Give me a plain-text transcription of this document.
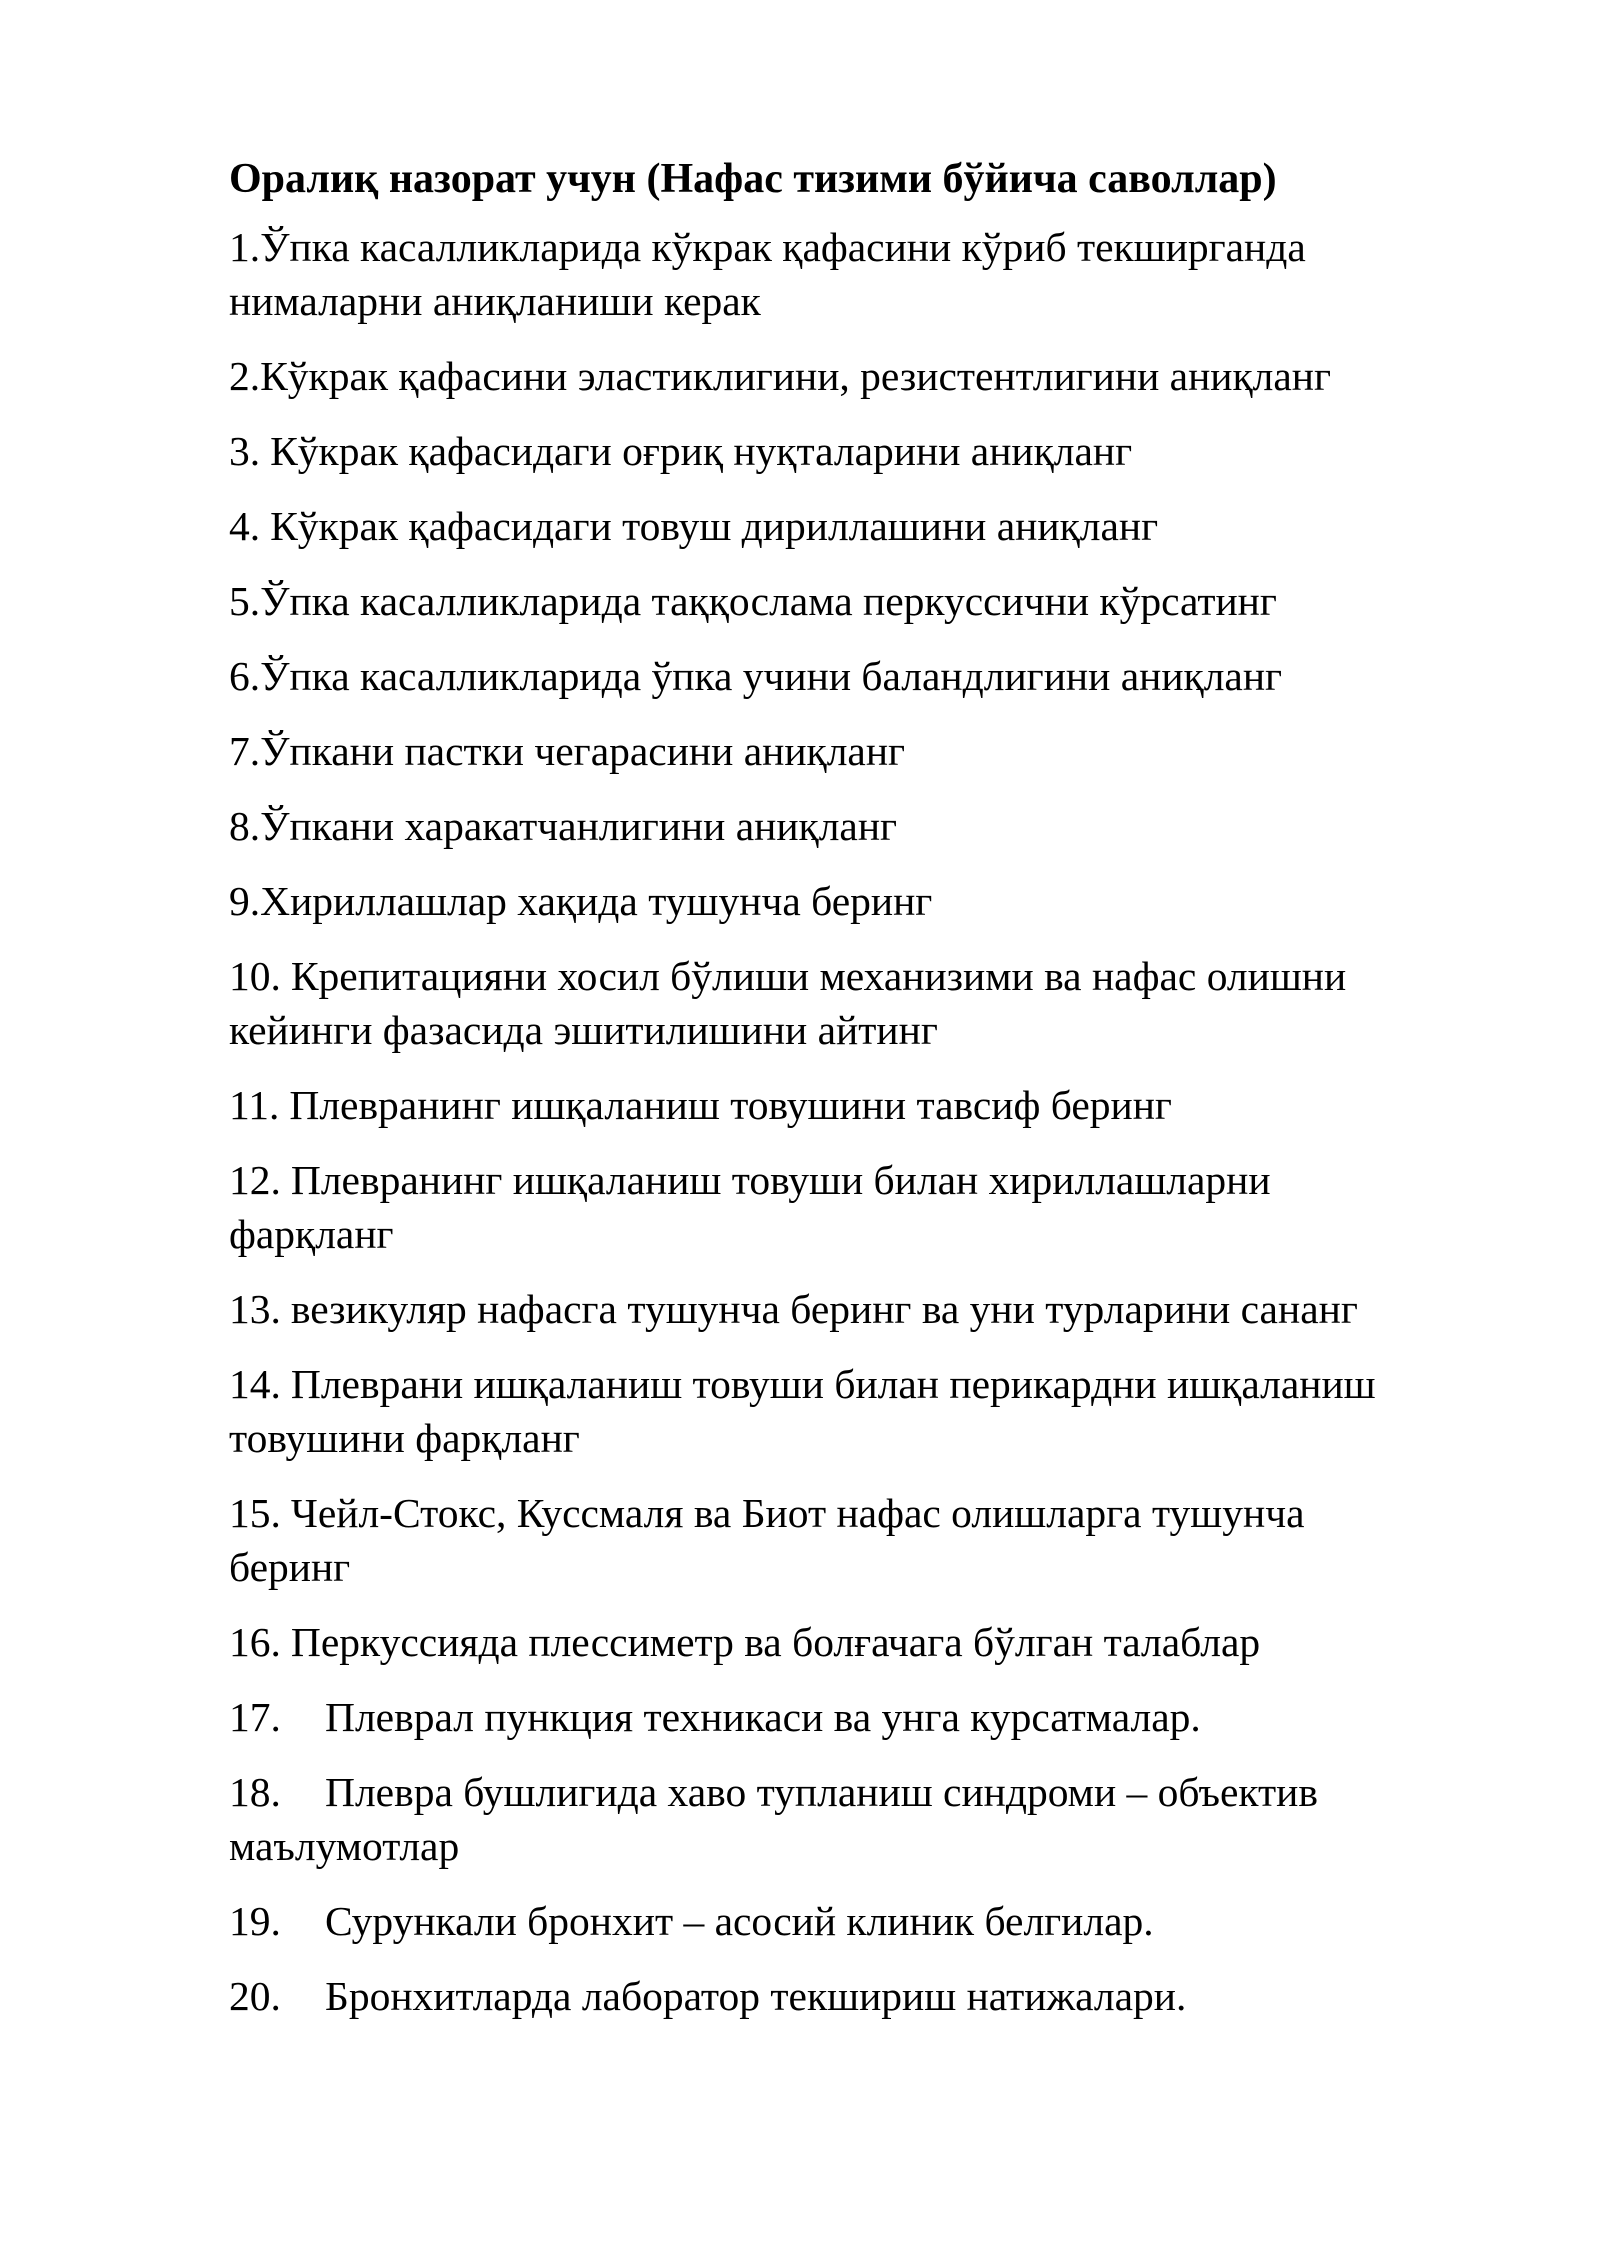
Оралиқ назорат учун (Нафас тизими бўйича саволлар)
1.Ўпка касалликларида кўкрак қафасини кўриб текширганда нималарни аниқланиши керак
2.Кўкрак қафасини эластиклигини, резистентлигини аниқланг
3. Кўкрак қафасидаги оғриқ нуқталарини аниқланг
4. Кўкрак қафасидаги товуш дириллашини аниқланг
5.Ўпка касалликларида таққослама перкуссични кўрсатинг
6.Ўпка касалликларида ўпка учини баландлигини аниқланг
7.Ўпкани пастки чегарасини аниқланг
8.Ўпкани харакатчанлигини аниқланг
9.Хириллашлар хақида тушунча беринг
10. Крепитацияни хосил бўлиши механизими ва нафас олишни кейинги фазасида эшитилишини айтинг
11. Плевранинг ишқаланиш товушини тавсиф беринг
12. Плевранинг ишқаланиш товуши билан хириллашларни фарқланг
13. везикуляр нафасга тушунча беринг ва уни турларини сананг
14. Плеврани ишқаланиш товуши билан перикардни ишқаланиш товушини фарқланг
15. Чейл-Стокс, Куссмаля ва Биот нафас олишларга тушунча беринг
16. Перкуссияда плессиметр ва болғачага бўлган талаблар
17. Плеврал пункция техникаси ва унга курсатмалар.
18. Плевра бушлигида хаво тупланиш синдроми – объектив маълумотлар
19. Сурункали бронхит – асосий клиник белгилар.
20. Бронхитларда лаборатор текшириш натижалари.
